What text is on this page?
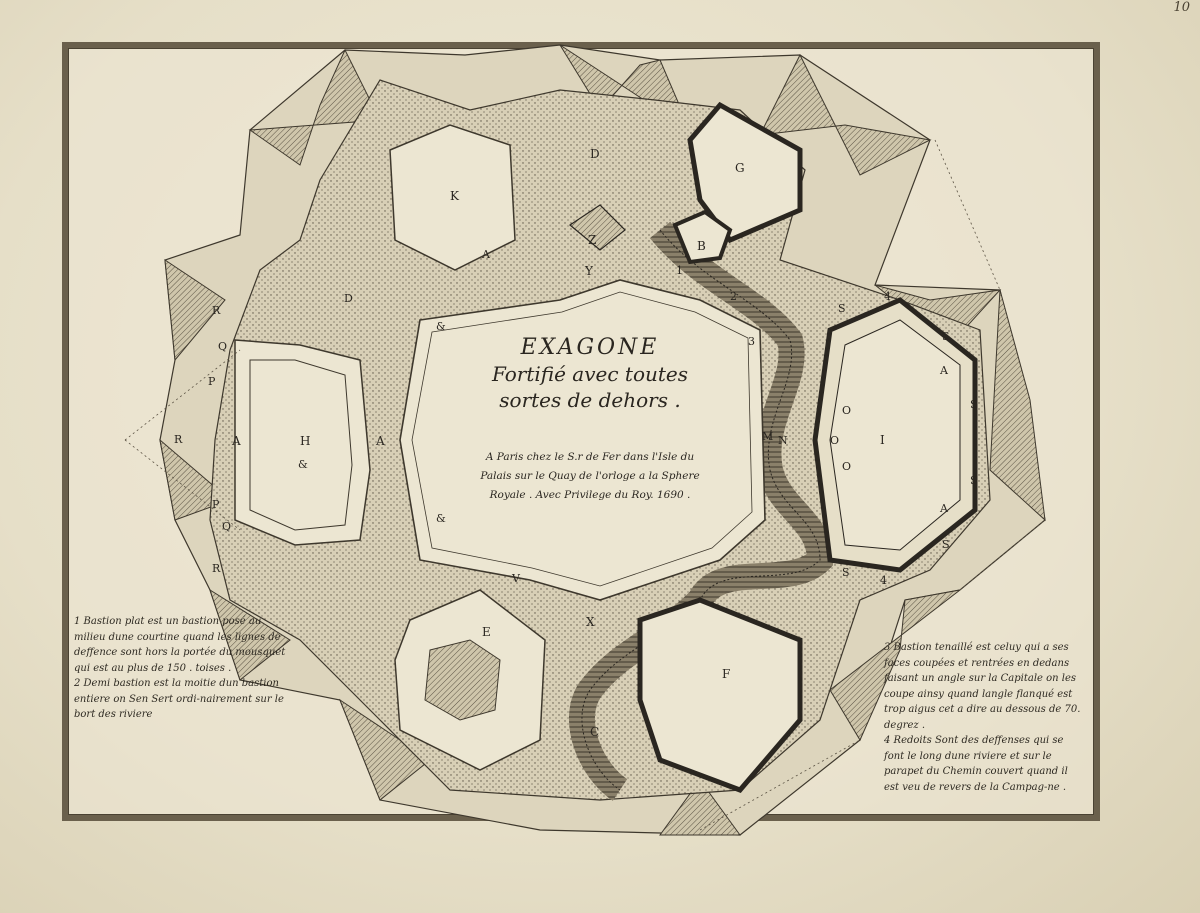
10
K
D
G
B
Z
Y
A
D
A	H	A
R
Q
P
R
P
Q
R
M N
O
O
O
I
A
A
S
S
S
S
S
S
E
F
C
X
V
&
&
&
3
2
1
4
4

EXAGONE

Fortifié avec toutes

sortes de dehors .

A Paris chez le S.r de Fer dans l'Isle du
Palais sur le Quay de l'orloge a la Sphere
Royale . Avec Privilege du Roy. 1690 .

1 Bastion plat est un bastion posé au milieu dune courtine quand les lignes de deffence sont hors la portée du mousquet qui est au plus de 150 . toises .

2 Demi bastion est la moitie dun bastion entiere on Sen Sert ordi-nairement sur le bort des riviere

3 Bastion tenaillé est celuy qui a ses faces coupées et rentrées en dedans faisant un angle sur la Capitale on les coupe ainsy quand langle flanqué est trop aigus cet a dire au dessous de 70. degrez .

4 Redoits Sont des deffenses qui se font le long dune riviere et sur le parapet du Chemin couvert quand il est veu de revers de la Campag-ne .
